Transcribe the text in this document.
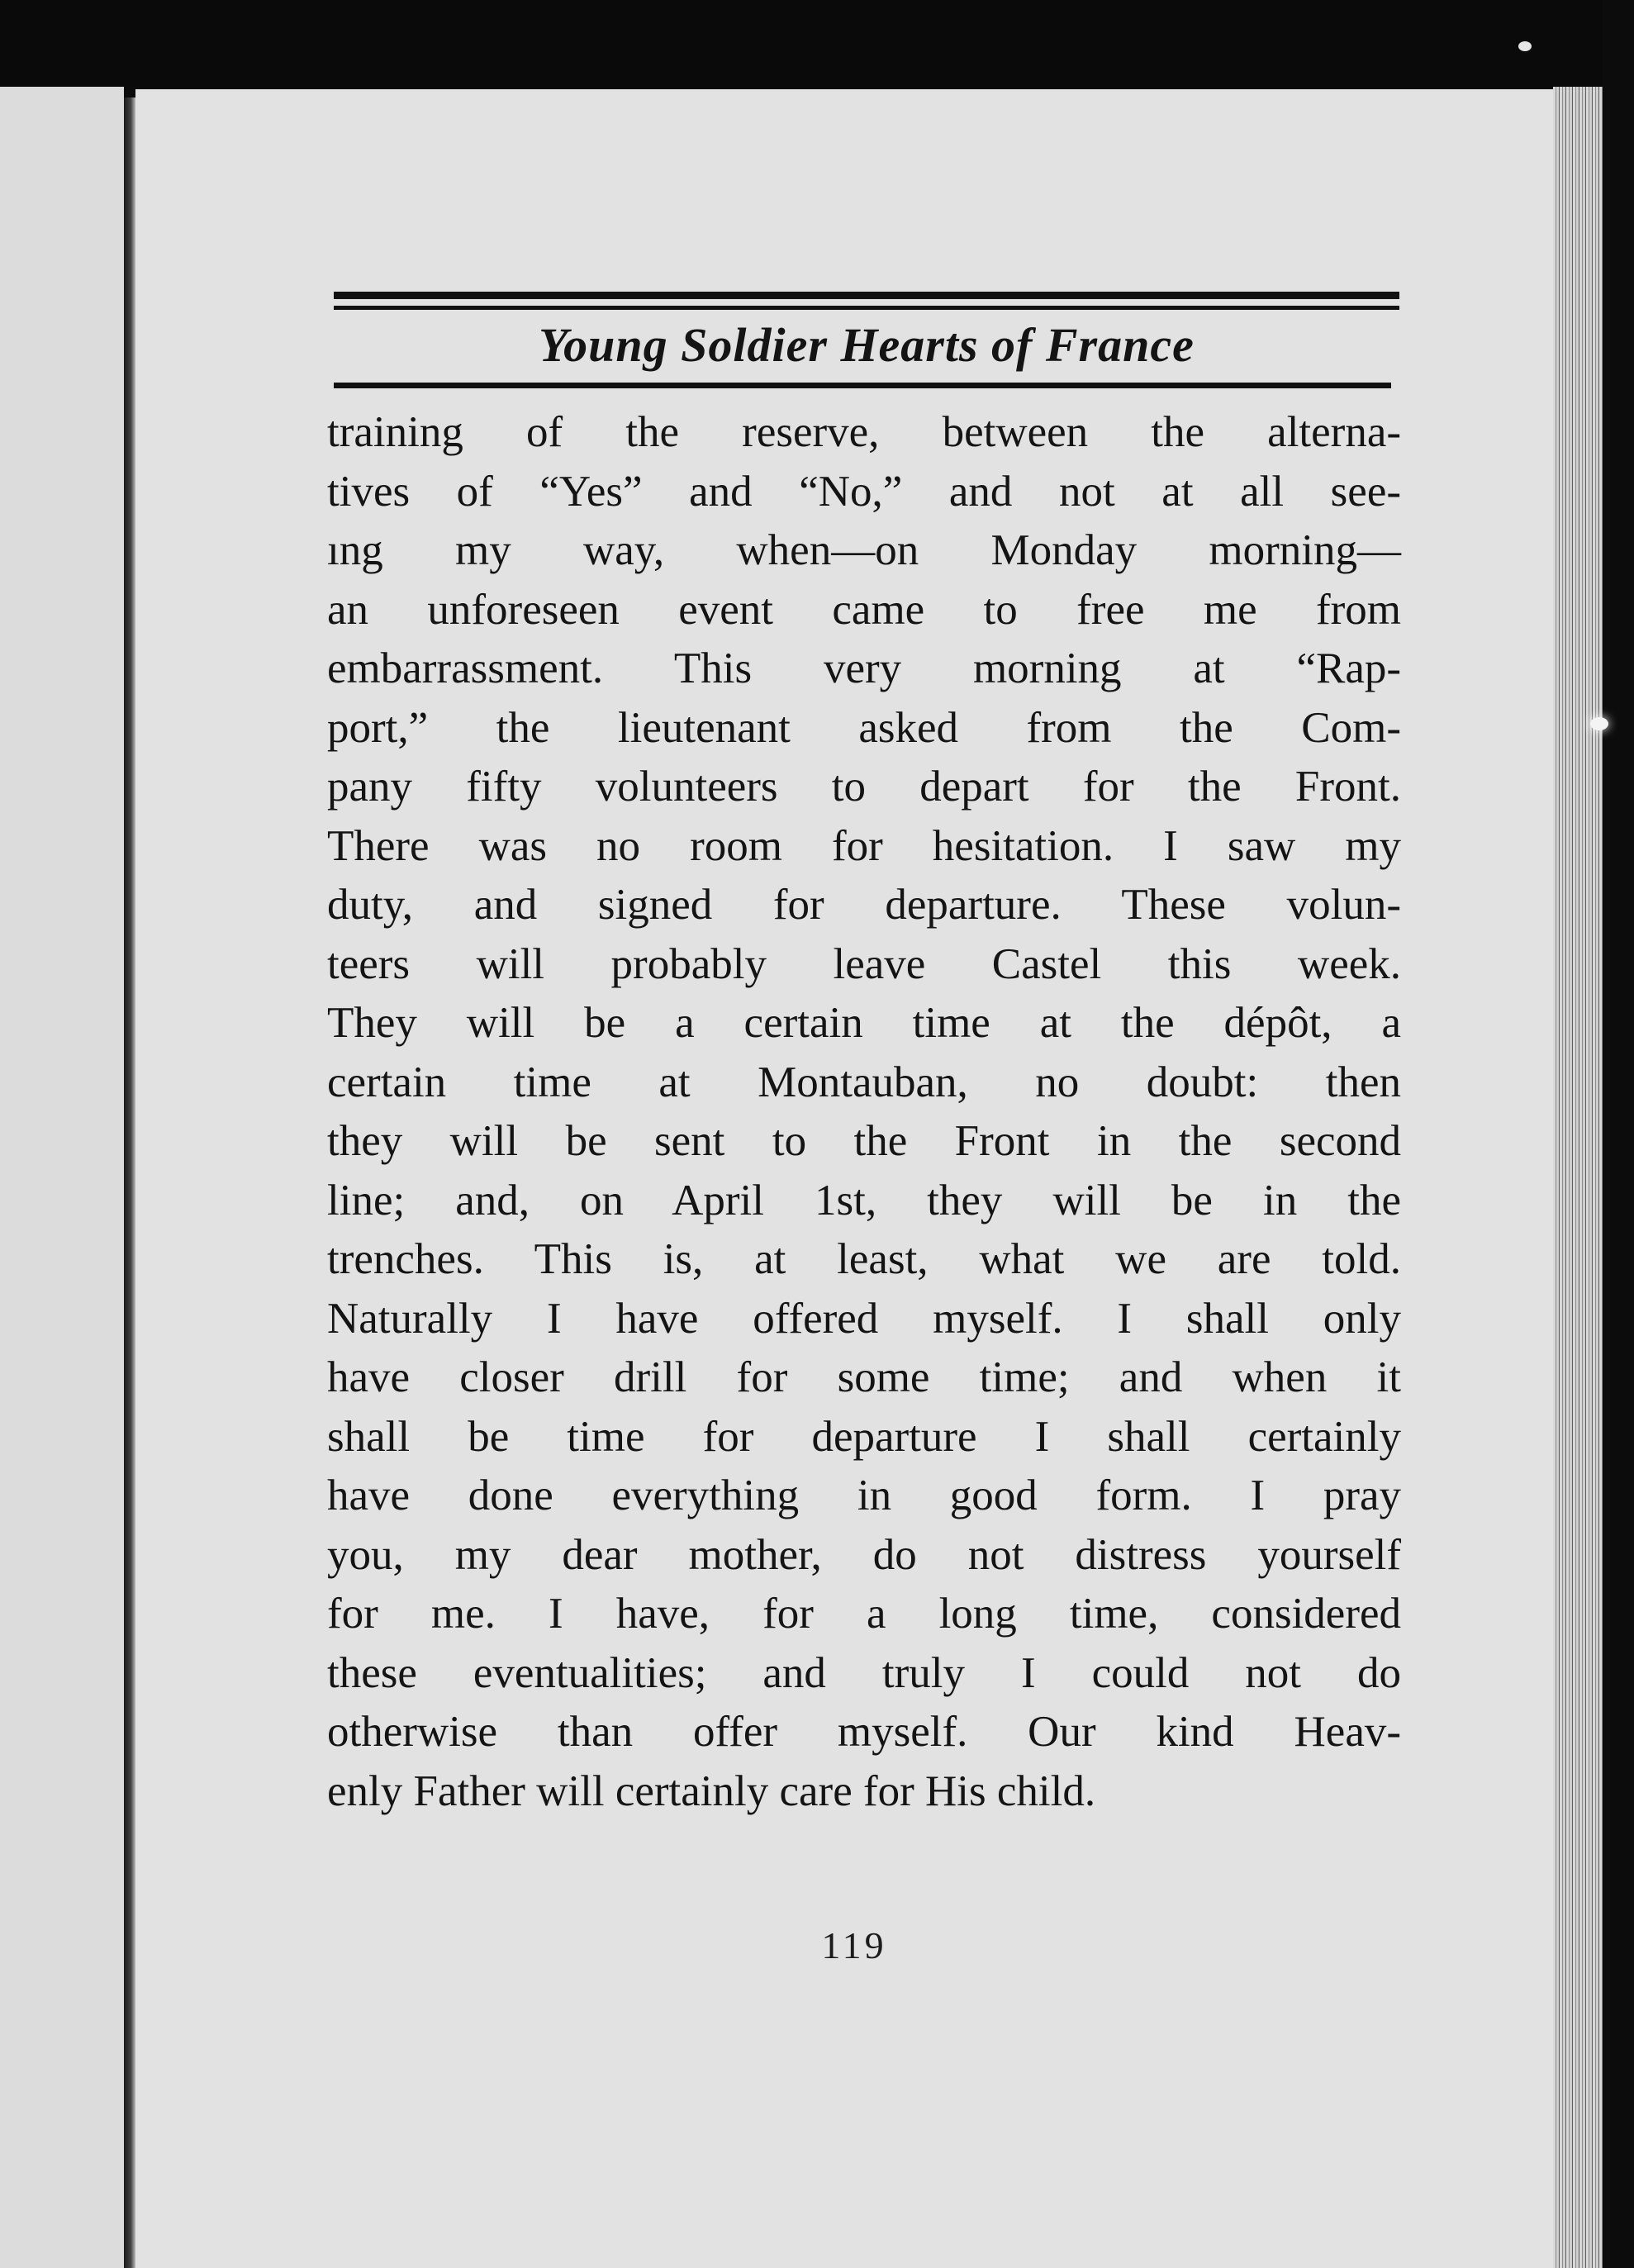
Young Soldier Hearts of France
training of the reserve, between the alterna-
tives of “Yes” and “No,” and not at all see-
ıng my way, when—on Monday morning—
an unforeseen event came to free me from
embarrassment. This very morning at “Rap-
port,” the lieutenant asked from the Com-
pany fifty volunteers to depart for the Front.
There was no room for hesitation. I saw my
duty, and signed for departure. These volun-
teers will probably leave Castel this week.
They will be a certain time at the dépôt, a
certain time at Montauban, no doubt: then
they will be sent to the Front in the second
line; and, on April 1st, they will be in the
trenches. This is, at least, what we are told.
Naturally I have offered myself. I shall only
have closer drill for some time; and when it
shall be time for departure I shall certainly
have done everything in good form. I pray
you, my dear mother, do not distress yourself
for me. I have, for a long time, considered
these eventualities; and truly I could not do
otherwise than offer myself. Our kind Heav-
enly Father will certainly care for His child.
119
